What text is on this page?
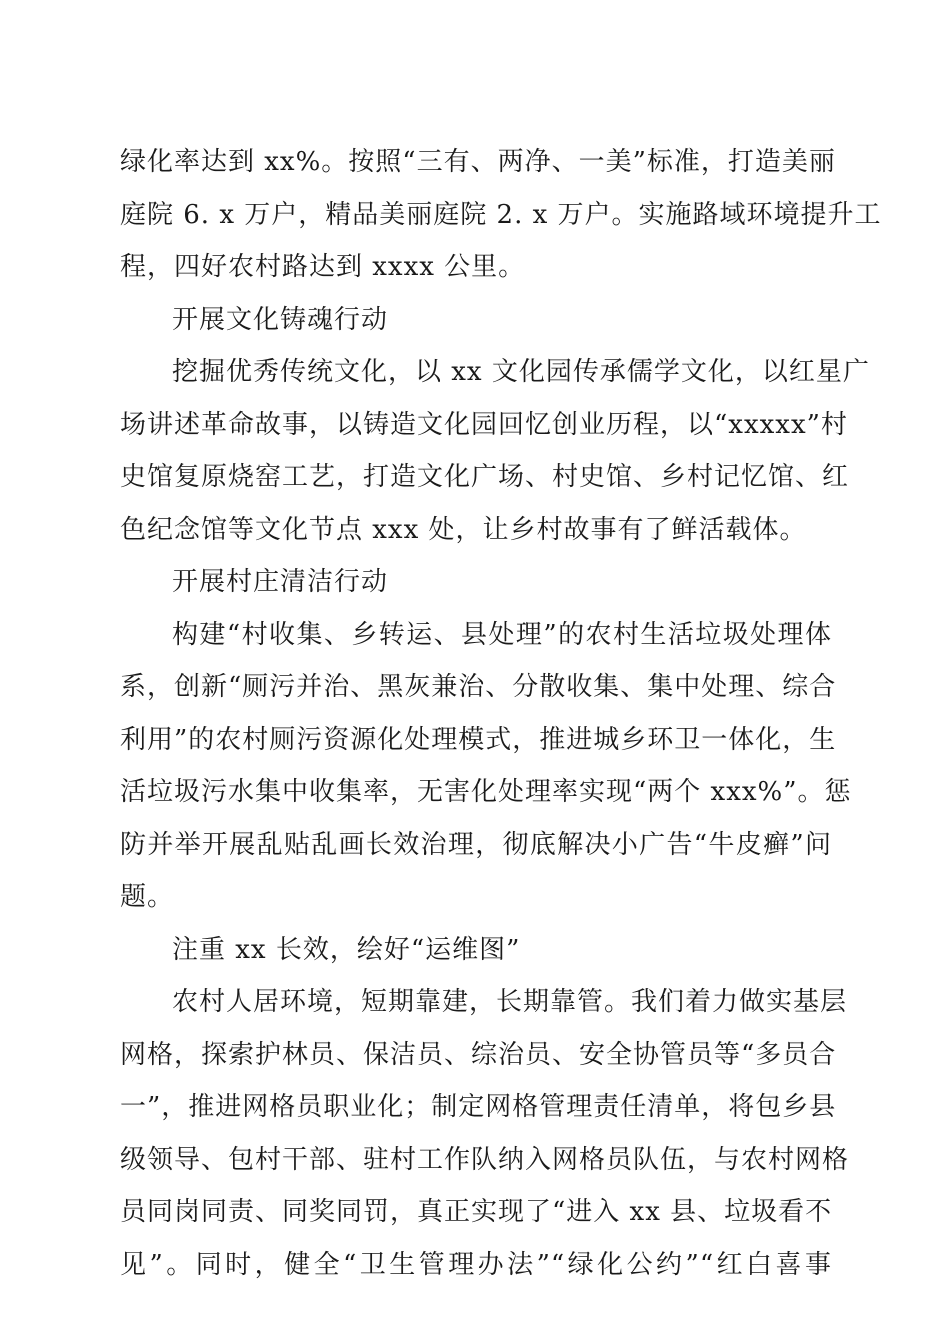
绿化率达到 xx%。按照“三有、两净、一美”标准，打造美丽
庭院 6. x 万户，精品美丽庭院 2. x 万户。实施路域环境提升工
程，四好农村路达到 xxxx 公里。
开展文化铸魂行动
挖掘优秀传统文化，以 xx 文化园传承儒学文化，以红星广
场讲述革命故事，以铸造文化园回忆创业历程，以“xxxxx”村
史馆复原烧窑工艺，打造文化广场、村史馆、乡村记忆馆、红
色纪念馆等文化节点 xxx 处，让乡村故事有了鲜活载体。
开展村庄清洁行动
构建“村收集、乡转运、县处理”的农村生活垃圾处理体
系，创新“厕污并治、黑灰兼治、分散收集、集中处理、综合
利用”的农村厕污资源化处理模式，推进城乡环卫一体化，生
活垃圾污水集中收集率，无害化处理率实现“两个 xxx%”。惩
防并举开展乱贴乱画长效治理，彻底解决小广告“牛皮癣”问
题。
注重 xx 长效，绘好“运维图”
农村人居环境，短期靠建，长期靠管。我们着力做实基层
网格，探索护林员、保洁员、综治员、安全协管员等“多员合
一”，推进网格员职业化；制定网格管理责任清单，将包乡县
级领导、包村干部、驻村工作队纳入网格员队伍，与农村网格
员同岗同责、同奖同罚，真正实现了“进入 xx 县、垃圾看不
见”。同时，健全“卫生管理办法”“绿化公约”“红白喜事
